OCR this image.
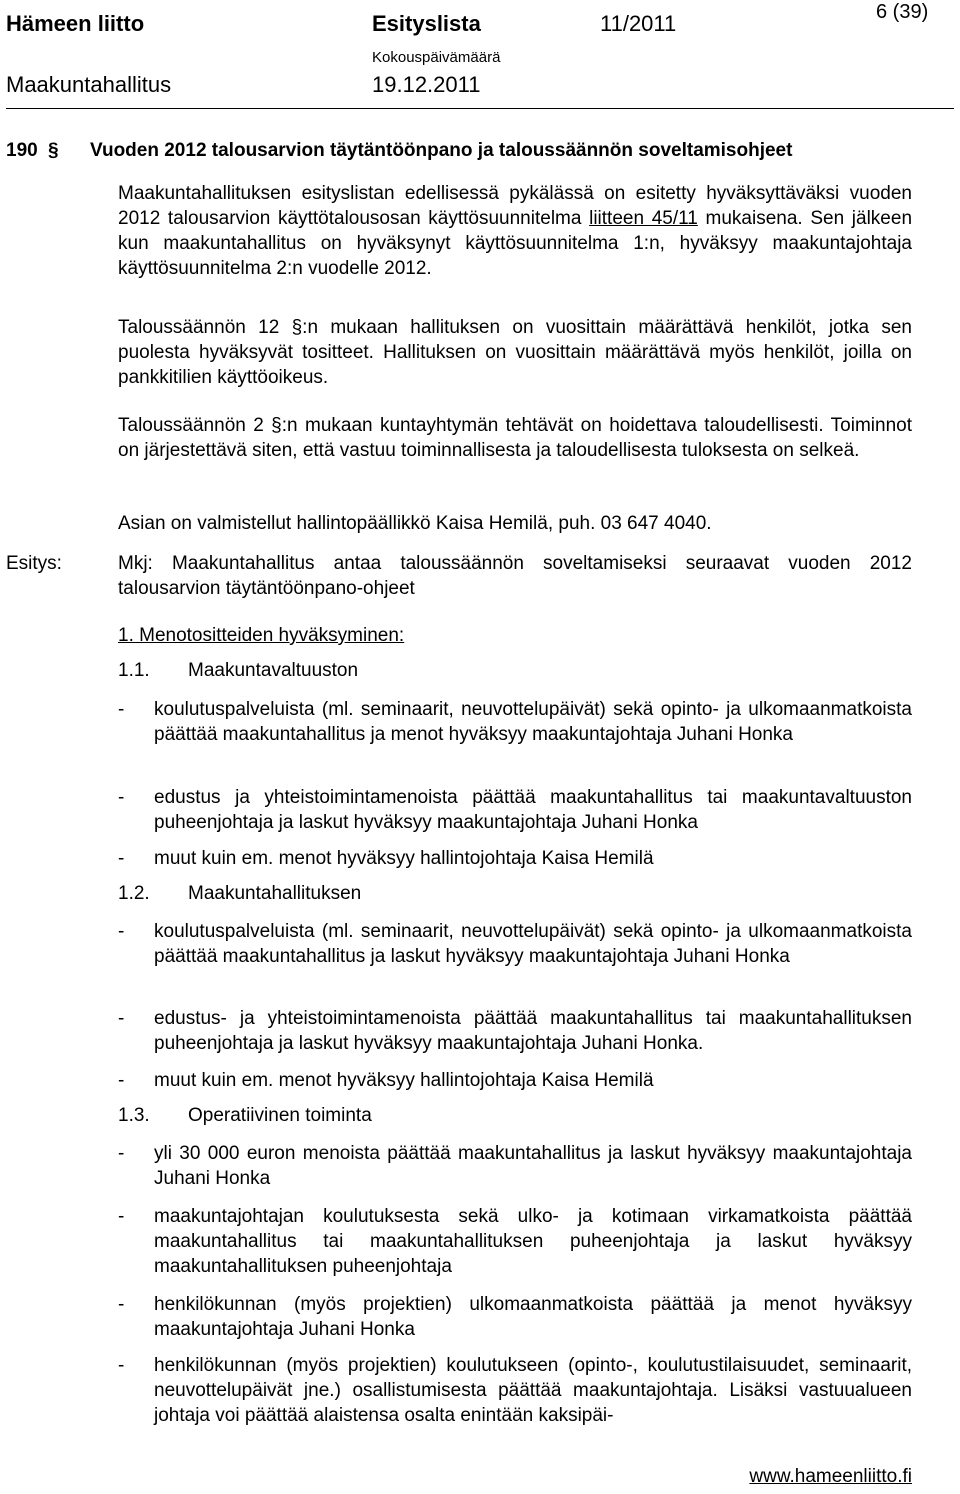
Hämeen liitto	Esityslista	11/2011	6 (39)
Kokouspäivämäärä
Maakuntahallitus	19.12.2011
190 § Vuoden 2012 talousarvion täytäntöönpano ja taloussäännön soveltamisohjeet
Maakuntahallituksen esityslistan edellisessä pykälässä on esitetty hyväksyttäväksi vuoden 2012 talousarvion käyttötalousosan käyttösuunnitelma liitteen 45/11 mukaisena. Sen jälkeen kun maakuntahallitus on hyväksynyt käyttösuunnitelma 1:n, hyväksyy maakuntajohtaja käyttösuunnitelma 2:n vuodelle 2012.
Taloussäännön 12 §:n mukaan hallituksen on vuosittain määrättävä henkilöt, jotka sen puolesta hyväksyvät tositteet. Hallituksen on vuosittain määrättävä myös henkilöt, joilla on pankkitilien käyttöoikeus.
Taloussäännön 2 §:n mukaan kuntayhtymän tehtävät on hoidettava taloudellisesti. Toiminnot on järjestettävä siten, että vastuu toiminnallisesta ja taloudellisesta tuloksesta on selkeä.
Asian on valmistellut hallintopäällikkö Kaisa Hemilä, puh. 03 647 4040.
Esitys:	Mkj: Maakuntahallitus antaa taloussäännön soveltamiseksi seuraavat vuoden 2012 talousarvion täytäntöönpano-ohjeet
1. Menotositteiden hyväksyminen:
1.1. Maakuntavaltuuston
- koulutuspalveluista (ml. seminaarit, neuvottelupäivät) sekä opinto- ja ulkomaanmatkoista päättää maakuntahallitus ja menot hyväksyy maakuntajohtaja Juhani Honka
- edustus ja yhteistoimintamenoista päättää maakuntahallitus tai maakuntavaltuuston puheenjohtaja ja laskut hyväksyy maakuntajohtaja Juhani Honka
- muut kuin em. menot hyväksyy hallintojohtaja Kaisa Hemilä
1.2. Maakuntahallituksen
- koulutuspalveluista (ml. seminaarit, neuvottelupäivät) sekä opinto- ja ulkomaanmatkoista päättää maakuntahallitus ja laskut hyväksyy maakuntajohtaja Juhani Honka
- edustus- ja yhteistoimintamenoista päättää maakuntahallitus tai maakuntahallituksen puheenjohtaja ja laskut hyväksyy maakuntajohtaja Juhani Honka.
- muut kuin em. menot hyväksyy hallintojohtaja Kaisa Hemilä
1.3. Operatiivinen toiminta
- yli 30 000 euron menoista päättää maakuntahallitus ja laskut hyväksyy maakuntajohtaja Juhani Honka
- maakuntajohtajan koulutuksesta sekä ulko- ja kotimaan virkamatkoista päättää maakuntahallitus tai maakuntahallituksen puheenjohtaja ja laskut hyväksyy maakuntahallituksen puheenjohtaja
- henkilökunnan (myös projektien) ulkomaanmatkoista päättää ja menot hyväksyy maakuntajohtaja Juhani Honka
- henkilökunnan (myös projektien) koulutukseen (opinto-, koulutustilaisuudet, seminaarit, neuvottelupäivät jne.) osallistumisesta päättää maakuntajohtaja. Lisäksi vastuualueen johtaja voi päättää alaistensa osalta enintään kaksipäi-
www.hameenliitto.fi
